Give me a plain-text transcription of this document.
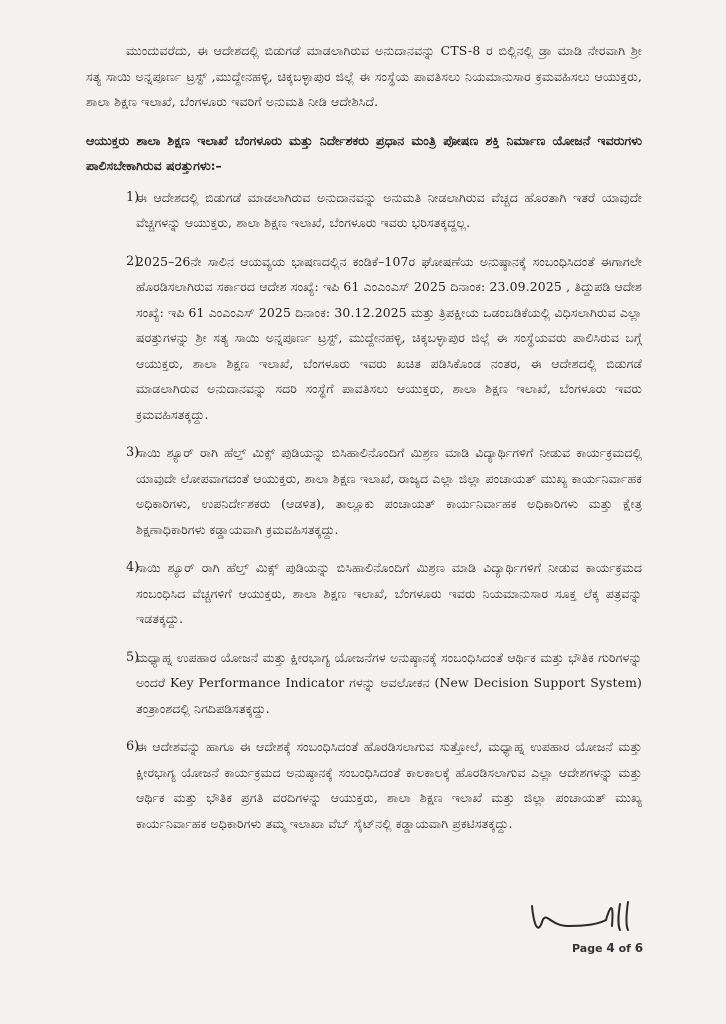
ಮುಂದುವರೆದು, ಈ ಆದೇಶದಲ್ಲಿ ಬಿಡುಗಡೆ ಮಾಡಲಾಗಿರುವ ಅನುದಾನವನ್ನು CTS-8 ರ ಬಿಲ್ಲಿನಲ್ಲಿ ಡ್ರಾ ಮಾಡಿ ನೇರವಾಗಿ ಶ್ರೀ ಸತ್ಯ ಸಾಯಿ ಅನ್ನಪೂರ್ಣ ಟ್ರಸ್ಟ್ ,ಮುದ್ದೇನಹಳ್ಳಿ, ಚಿಕ್ಕಬಳ್ಳಾಪುರ ಜಿಲ್ಲೆ ಈ ಸಂಸ್ಥೆಯ ಪಾವತಿಸಲು ನಿಯಮಾನುಸಾರ ಕ್ರಮವಹಿಸಲು ಆಯುಕ್ತರು, ಶಾಲಾ ಶಿಕ್ಷಣ ಇಲಾಖೆ, ಬೆಂಗಳೂರು ಇವರಿಗೆ ಅನುಮತಿ ನೀಡಿ ಆದೇಶಿಸಿದೆ.

ಆಯುಕ್ತರು ಶಾಲಾ ಶಿಕ್ಷಣ ಇಲಾಖೆ ಬೆಂಗಳೂರು ಮತ್ತು ನಿರ್ದೇಶಕರು ಪ್ರಧಾನ ಮಂತ್ರಿ ಪೋಷಣ ಶಕ್ತಿ ನಿರ್ಮಾಣ ಯೋಜನೆ ಇವರುಗಳು ಪಾಲಿಸಬೇಕಾಗಿರುವ ಷರತ್ತುಗಳು:–

1)
ಈ ಆದೇಶದಲ್ಲಿ ಬಿಡುಗಡೆ ಮಾಡಲಾಗಿರುವ ಅನುದಾನವನ್ನು ಅನುಮತಿ ನೀಡಲಾಗಿರುವ ವೆಚ್ಚದ ಹೊರತಾಗಿ ಇತರೆ ಯಾವುದೇ ವೆಚ್ಚಗಳನ್ನು ಆಯುಕ್ತರು, ಶಾಲಾ ಶಿಕ್ಷಣ ಇಲಾಖೆ, ಬೆಂಗಳೂರು ಇವರು ಭರಿಸತಕ್ಕದ್ದಲ್ಲ.
2)
2025–26ನೇ ಸಾಲಿನ ಆಯವ್ಯಯ ಭಾಷಣದಲ್ಲಿನ ಕಂಡಿಕೆ–107ರ ಘೋಷಣೆಯ ಅನುಷ್ಠಾನಕ್ಕೆ ಸಂಬಂಧಿಸಿದಂತೆ ಈಗಾಗಲೇ ಹೊರಡಿಸಲಾಗಿರುವ ಸರ್ಕಾರದ ಆದೇಶ ಸಂಖ್ಯೆ: ಇಪಿ 61 ಎಂಎಂಎಸ್ 2025 ದಿನಾಂಕ: 23.09.2025 , ತಿದ್ದುಪಡಿ ಆದೇಶ ಸಂಖ್ಯೆ: ಇಪಿ 61 ಎಂಎಂಎಸ್ 2025 ದಿನಾಂಕ: 30.12.2025 ಮತ್ತು ತ್ರಿಪಕ್ಷೀಯ ಒಡಂಬಡಿಕೆಯಲ್ಲಿ ವಿಧಿಸಲಾಗಿರುವ ಎಲ್ಲಾ ಷರತ್ತುಗಳನ್ನು ಶ್ರೀ ಸತ್ಯ ಸಾಯಿ ಅನ್ನಪೂರ್ಣ ಟ್ರಸ್ಟ್, ಮುದ್ದೇನಹಳ್ಳಿ, ಚಿಕ್ಕಬಳ್ಳಾಪುರ ಜಿಲ್ಲೆ ಈ ಸಂಸ್ಥೆಯವರು ಪಾಲಿಸಿರುವ ಬಗ್ಗೆ ಆಯುಕ್ತರು, ಶಾಲಾ ಶಿಕ್ಷಣ ಇಲಾಖೆ, ಬೆಂಗಳೂರು ಇವರು ಖಚಿತ ಪಡಿಸಿಕೊಂಡ ನಂತರ, ಈ ಆದೇಶದಲ್ಲಿ ಬಿಡುಗಡೆ ಮಾಡಲಾಗಿರುವ ಅನುದಾನವನ್ನು ಸದರಿ ಸಂಸ್ಥೆಗೆ ಪಾವತಿಸಲು ಆಯುಕ್ತರು, ಶಾಲಾ ಶಿಕ್ಷಣ ಇಲಾಖೆ, ಬೆಂಗಳೂರು ಇವರು ಕ್ರಮವಹಿಸತಕ್ಕದ್ದು.
3)
ಸಾಯಿ ಶ್ಯೂರ್ ರಾಗಿ ಹೆಲ್ತ್ ಮಿಕ್ಸ್ ಪುಡಿಯನ್ನು ಬಿಸಿಹಾಲಿನೊಂದಿಗೆ ಮಿಶ್ರಣ ಮಾಡಿ ವಿದ್ಯಾರ್ಥಿಗಳಿಗೆ ನೀಡುವ ಕಾರ್ಯಕ್ರಮದಲ್ಲಿ ಯಾವುದೇ ಲೋಪವಾಗದಂತೆ ಆಯುಕ್ತರು, ಶಾಲಾ ಶಿಕ್ಷಣ ಇಲಾಖೆ, ರಾಜ್ಯದ ಎಲ್ಲಾ ಜಿಲ್ಲಾ ಪಂಚಾಯತ್ ಮುಖ್ಯ ಕಾರ್ಯನಿರ್ವಾಹಕ ಅಧಿಕಾರಿಗಳು, ಉಪನಿರ್ದೇಶಕರು (ಆಡಳಿತ), ತಾಲ್ಲೂಕು ಪಂಚಾಯತ್ ಕಾರ್ಯನಿರ್ವಾಹಕ ಅಧಿಕಾರಿಗಳು ಮತ್ತು ಕ್ಷೇತ್ರ ಶಿಕ್ಷಣಾಧಿಕಾರಿಗಳು ಕಡ್ಡಾಯವಾಗಿ ಕ್ರಮವಹಿಸತಕ್ಕದ್ದು.
4)
ಸಾಯಿ ಶ್ಯೂರ್ ರಾಗಿ ಹೆಲ್ತ್ ಮಿಕ್ಸ್ ಪುಡಿಯನ್ನು ಬಿಸಿಹಾಲಿನೊಂದಿಗೆ ಮಿಶ್ರಣ ಮಾಡಿ ವಿದ್ಯಾರ್ಥಿಗಳಿಗೆ ನೀಡುವ ಕಾರ್ಯಕ್ರಮದ ಸಂಬಂಧಿಸಿದ ವೆಚ್ಚಗಳಿಗೆ ಆಯುಕ್ತರು, ಶಾಲಾ ಶಿಕ್ಷಣ ಇಲಾಖೆ, ಬೆಂಗಳೂರು ಇವರು ನಿಯಮಾನುಸಾರ ಸೂಕ್ತ ಲೆಕ್ಕ ಪತ್ರವನ್ನು ಇಡತಕ್ಕದ್ದು.
5)
ಮಧ್ಯಾಹ್ನ ಉಪಹಾರ ಯೋಜನೆ ಮತ್ತು ಕ್ಷೀರಭಾಗ್ಯ ಯೋಜನೆಗಳ ಅನುಷ್ಠಾನಕ್ಕೆ ಸಂಬಂಧಿಸಿದಂತೆ ಆರ್ಥಿಕ ಮತ್ತು ಭೌತಿಕ ಗುರಿಗಳನ್ನು ಅಂದರೆ Key Performance Indicator ಗಳನ್ನು ಅವಲೋಕನ (New Decision Support System) ತಂತ್ರಾಂಶದಲ್ಲಿ ನಿಗದಿಪಡಿಸತಕ್ಕದ್ದು.
6)
ಈ ಆದೇಶವನ್ನು ಹಾಗೂ ಈ ಆದೇಶಕ್ಕೆ ಸಂಬಂಧಿಸಿದಂತೆ ಹೊರಡಿಸಲಾಗುವ ಸುತ್ತೋಲೆ, ಮಧ್ಯಾಹ್ನ ಉಪಹಾರ ಯೋಜನೆ ಮತ್ತು ಕ್ಷೀರಭಾಗ್ಯ ಯೋಜನೆ ಕಾರ್ಯಕ್ರಮದ ಅನುಷ್ಠಾನಕ್ಕೆ ಸಂಬಂಧಿಸಿದಂತೆ ಕಾಲಕಾಲಕ್ಕೆ ಹೊರಡಿಸಲಾಗುವ ಎಲ್ಲಾ ಆದೇಶಗಳನ್ನು ಮತ್ತು ಆರ್ಥಿಕ ಮತ್ತು ಭೌತಿಕ ಪ್ರಗತಿ ವರದಿಗಳನ್ನು ಆಯುಕ್ತರು, ಶಾಲಾ ಶಿಕ್ಷಣ ಇಲಾಖೆ ಮತ್ತು ಜಿಲ್ಲಾ ಪಂಚಾಯತ್ ಮುಖ್ಯ ಕಾರ್ಯನಿರ್ವಾಹಕ ಅಧಿಕಾರಿಗಳು ತಮ್ಮ ಇಲಾಖಾ ವೆಬ್ ಸೈಟ್‌ನಲ್ಲಿ ಕಡ್ಡಾಯವಾಗಿ ಪ್ರಕಟಿಸತಕ್ಕದ್ದು.
Page 4 of 6
